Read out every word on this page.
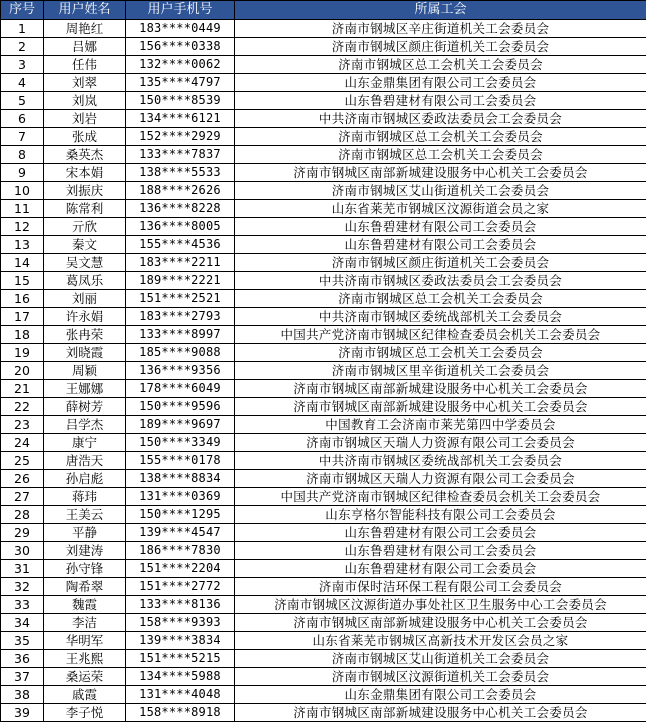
序号	用户姓名	用户手机号	所属工会
1	周艳红	183****0449	济南市钢城区辛庄街道机关工会委员会
2	吕娜	156****0338	济南市钢城区颜庄街道机关工会委员会
3	任伟	132****0062	济南市钢城区总工会机关工会委员会
4	刘翠	135****4797	山东金鼎集团有限公司工会委员会
5	刘岚	150****8539	山东鲁碧建材有限公司工会委员会
6	刘岩	134****6121	中共济南市钢城区委政法委员会工会委员会
7	张成	152****2929	济南市钢城区总工会机关工会委员会
8	桑英杰	133****7837	济南市钢城区总工会机关工会委员会
9	宋本娟	138****5533	济南市钢城区南部新城建设服务中心机关工会委员会
10	刘振庆	188****2626	济南市钢城区艾山街道机关工会委员会
11	陈常利	136****8228	山东省莱芜市钢城区汶源街道会员之家
12	亓欣	136****8005	山东鲁碧建材有限公司工会委员会
13	秦文	155****4536	山东鲁碧建材有限公司工会委员会
14	吴文慧	183****2211	济南市钢城区颜庄街道机关工会委员会
15	葛凤乐	189****2221	中共济南市钢城区委政法委员会工会委员会
16	刘丽	151****2521	济南市钢城区总工会机关工会委员会
17	许永娟	183****2793	中共济南市钢城区委统战部机关工会委员会
18	张冉荣	133****8997	中国共产党济南市钢城区纪律检查委员会机关工会委员会
19	刘晓霞	185****9088	济南市钢城区总工会机关工会委员会
20	周颖	136****9356	济南市钢城区里辛街道机关工会委员会
21	王娜娜	178****6049	济南市钢城区南部新城建设服务中心机关工会委员会
22	薛树芳	150****9596	济南市钢城区南部新城建设服务中心机关工会委员会
23	吕学杰	189****9697	中国教育工会济南市莱芜第四中学委员会
24	康宁	150****3349	济南市钢城区天瑞人力资源有限公司工会委员会
25	唐浩天	155****0178	中共济南市钢城区委统战部机关工会委员会
26	孙启彪	138****8834	济南市钢城区天瑞人力资源有限公司工会委员会
27	蒋玮	131****0369	中国共产党济南市钢城区纪律检查委员会机关工会委员会
28	王美云	150****1295	山东亨格尔智能科技有限公司工会委员会
29	平静	139****4547	山东鲁碧建材有限公司工会委员会
30	刘建涛	186****7830	山东鲁碧建材有限公司工会委员会
31	孙守锋	151****2204	山东鲁碧建材有限公司工会委员会
32	陶希翠	151****2772	济南市保时洁环保工程有限公司工会委员会
33	魏霞	133****8136	济南市钢城区汶源街道办事处社区卫生服务中心工会委员会
34	李洁	158****9393	济南市钢城区南部新城建设服务中心机关工会委员会
35	华明军	139****3834	山东省莱芜市钢城区高新技术开发区会员之家
36	王兆熙	151****5215	济南市钢城区艾山街道机关工会委员会
37	桑运荣	134****5988	济南市钢城区汶源街道机关工会委员会
38	戚霞	131****4048	山东金鼎集团有限公司工会委员会
39	李子悦	158****8918	济南市钢城区南部新城建设服务中心机关工会委员会
